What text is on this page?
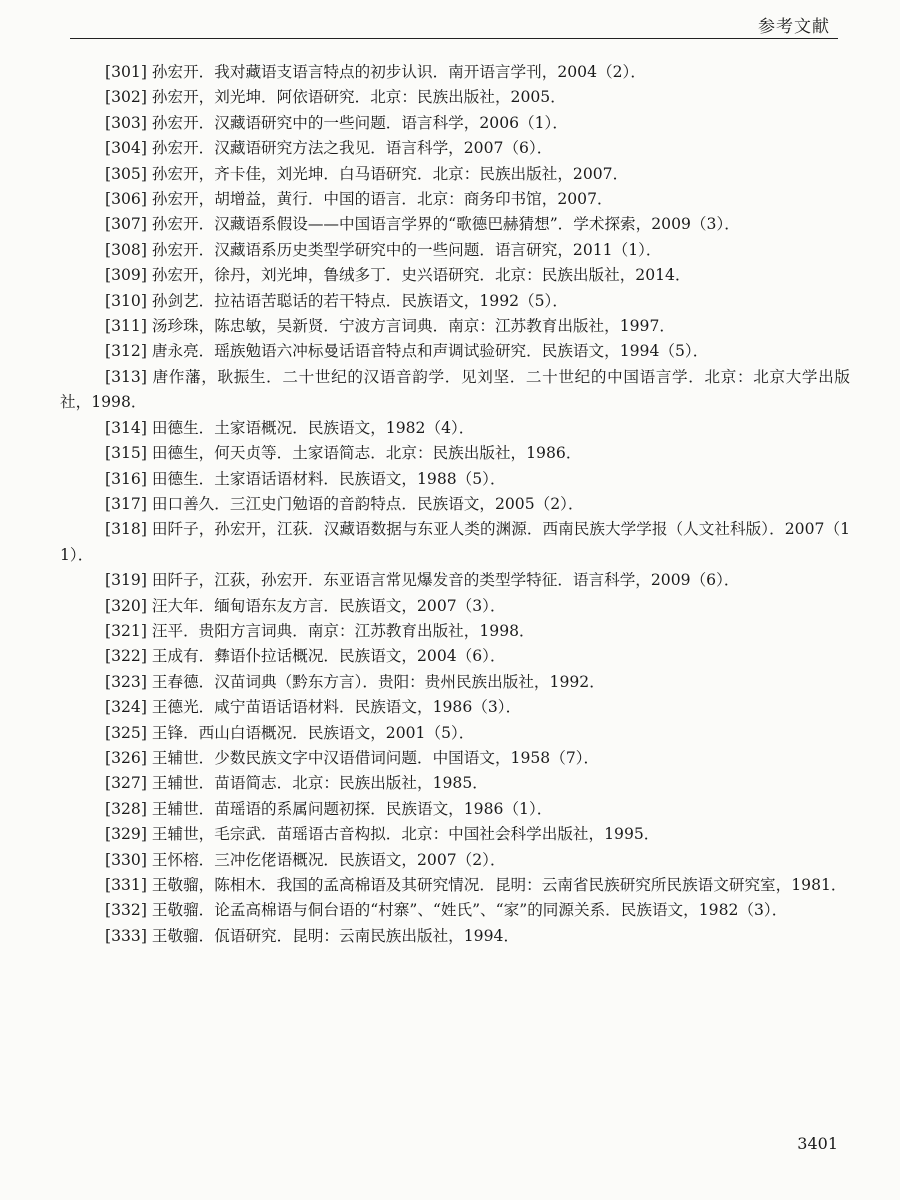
参考文献
[301] 孙宏开．我对藏语支语言特点的初步认识．南开语言学刊，2004（2）．
[302] 孙宏开，刘光坤．阿依语研究．北京：民族出版社，2005．
[303] 孙宏开．汉藏语研究中的一些问题．语言科学，2006（1）．
[304] 孙宏开．汉藏语研究方法之我见．语言科学，2007（6）．
[305] 孙宏开，齐卡佳，刘光坤．白马语研究．北京：民族出版社，2007．
[306] 孙宏开，胡增益，黄行．中国的语言．北京：商务印书馆，2007．
[307] 孙宏开．汉藏语系假设——中国语言学界的“歌德巴赫猜想”．学术探索，2009（3）．
[308] 孙宏开．汉藏语系历史类型学研究中的一些问题．语言研究，2011（1）．
[309] 孙宏开，徐丹，刘光坤，鲁绒多丁．史兴语研究．北京：民族出版社，2014．
[310] 孙剑艺．拉祜语苦聪话的若干特点．民族语文，1992（5）．
[311] 汤珍珠，陈忠敏，吴新贤．宁波方言词典．南京：江苏教育出版社，1997．
[312] 唐永亮．瑶族勉语六冲标曼话语音特点和声调试验研究．民族语文，1994（5）．
[313] 唐作藩，耿振生．二十世纪的汉语音韵学．见刘坚．二十世纪的中国语言学．北京：北京大学出版社，1998．
[314] 田德生．土家语概况．民族语文，1982（4）．
[315] 田德生，何天贞等．土家语简志．北京：民族出版社，1986．
[316] 田德生．土家语话语材料．民族语文，1988（5）．
[317] 田口善久．三江史门勉语的音韵特点．民族语文，2005（2）．
[318] 田阡子，孙宏开，江荻．汉藏语数据与东亚人类的渊源．西南民族大学学报（人文社科版）．2007（11）．
[319] 田阡子，江荻，孙宏开．东亚语言常见爆发音的类型学特征．语言科学，2009（6）．
[320] 汪大年．缅甸语东友方言．民族语文，2007（3）．
[321] 汪平．贵阳方言词典．南京：江苏教育出版社，1998．
[322] 王成有．彝语仆拉话概况．民族语文，2004（6）．
[323] 王春德．汉苗词典（黔东方言）．贵阳：贵州民族出版社，1992．
[324] 王德光．咸宁苗语话语材料．民族语文，1986（3）．
[325] 王锋．西山白语概况．民族语文，2001（5）．
[326] 王辅世．少数民族文字中汉语借词问题．中国语文，1958（7）．
[327] 王辅世．苗语简志．北京：民族出版社，1985．
[328] 王辅世．苗瑶语的系属问题初探．民族语文，1986（1）．
[329] 王辅世，毛宗武．苗瑶语古音构拟．北京：中国社会科学出版社，1995．
[330] 王怀榕．三冲仡佬语概况．民族语文，2007（2）．
[331] 王敬骝，陈相木．我国的孟高棉语及其研究情况．昆明：云南省民族研究所民族语文研究室，1981．
[332] 王敬骝．论孟高棉语与侗台语的“村寨”、“姓氏”、“家”的同源关系．民族语文，1982（3）．
[333] 王敬骝．佤语研究．昆明：云南民族出版社，1994．
3401
